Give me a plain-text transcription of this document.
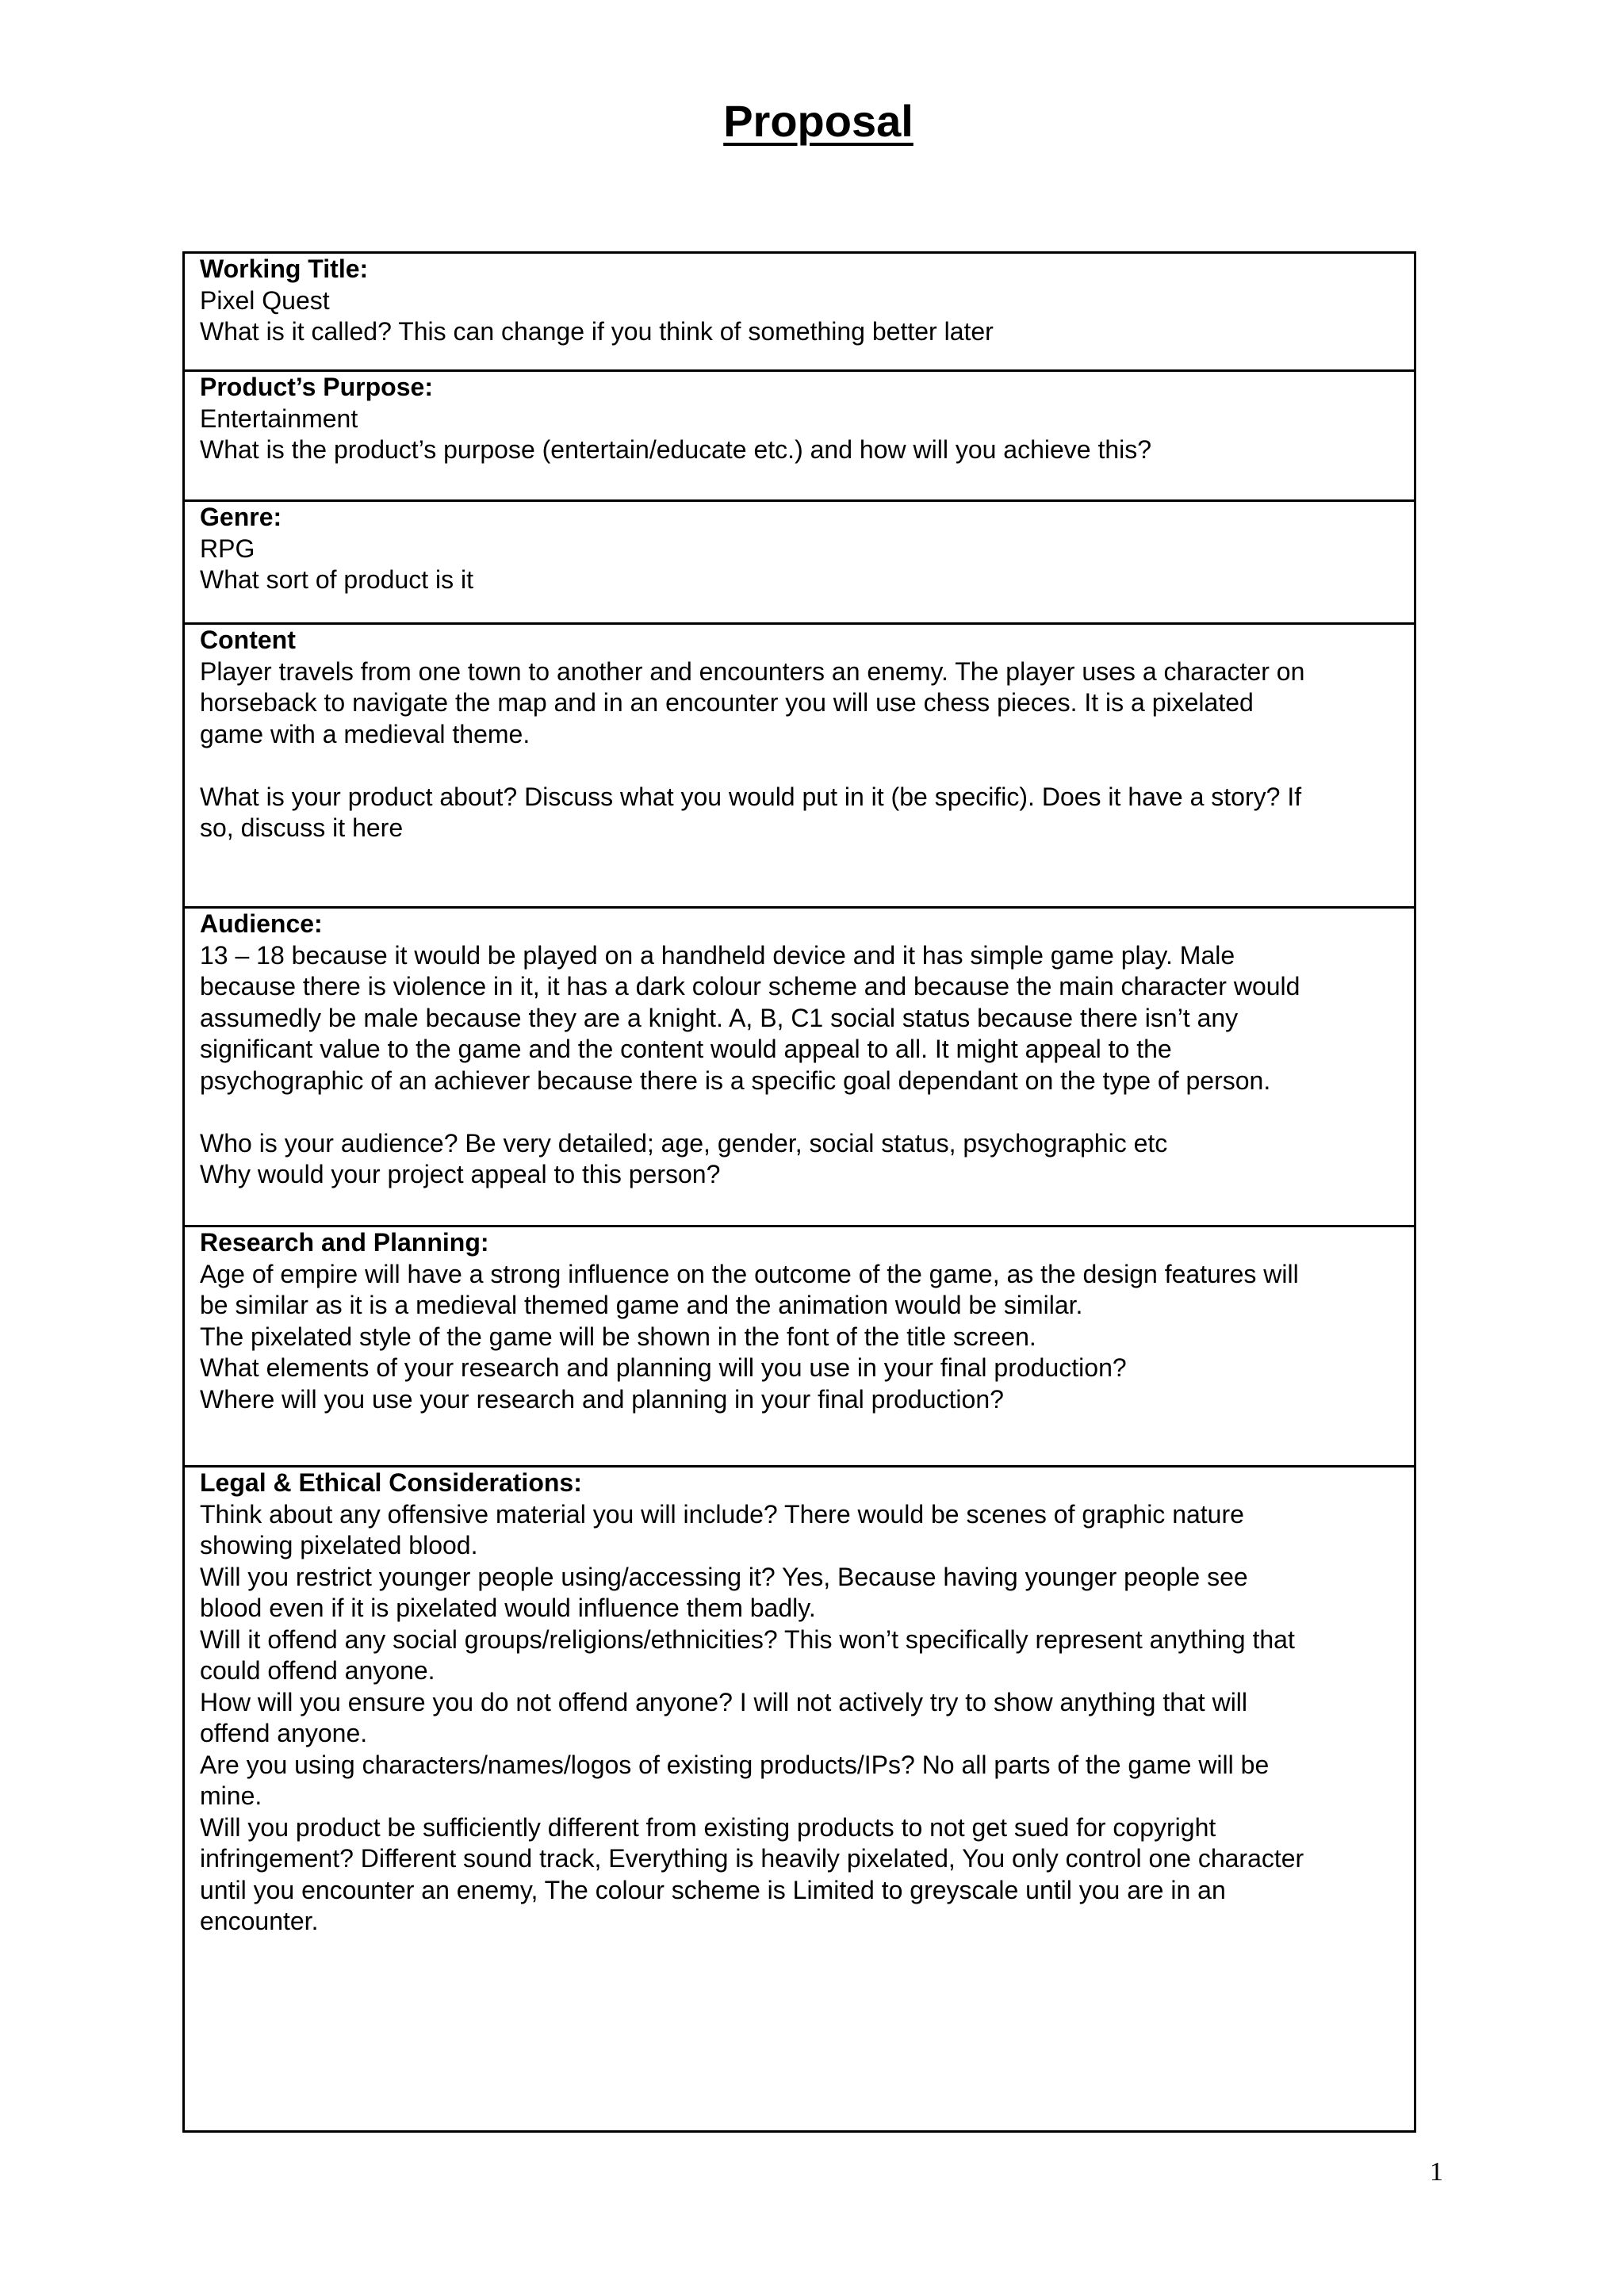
Proposal
Working Title:
Pixel Quest
What is it called? This can change if you think of something better later
Product’s Purpose:
Entertainment
What is the product’s purpose (entertain/educate etc.) and how will you achieve this?
Genre:
RPG
What sort of product is it
Content
Player travels from one town to another and encounters an enemy. The player uses a character on
horseback to navigate the map and in an encounter you will use chess pieces. It is a pixelated
game with a medieval theme.
What is your product about? Discuss what you would put in it (be specific). Does it have a story? If
so, discuss it here
Audience:
13 – 18 because it would be played on a handheld device and it has simple game play. Male
because there is violence in it, it has a dark colour scheme and because the main character would
assumedly be male because they are a knight. A, B, C1 social status because there isn’t any
significant value to the game and the content would appeal to all. It might appeal to the
psychographic of an achiever because there is a specific goal dependant on the type of person.
Who is your audience? Be very detailed; age, gender, social status, psychographic etc
Why would your project appeal to this person?
Research and Planning:
Age of empire will have a strong influence on the outcome of the game, as the design features will
be similar as it is a medieval themed game and the animation would be similar.
The pixelated style of the game will be shown in the font of the title screen.
What elements of your research and planning will you use in your final production?
Where will you use your research and planning in your final production?
Legal & Ethical Considerations:
Think about any offensive material you will include? There would be scenes of graphic nature
showing pixelated blood.
Will you restrict younger people using/accessing it? Yes, Because having younger people see
blood even if it is pixelated would influence them badly.
Will it offend any social groups/religions/ethnicities? This won’t specifically represent anything that
could offend anyone.
How will you ensure you do not offend anyone? I will not actively try to show anything that will
offend anyone.
Are you using characters/names/logos of existing products/IPs? No all parts of the game will be
mine.
Will you product be sufficiently different from existing products to not get sued for copyright
infringement? Different sound track, Everything is heavily pixelated, You only control one character
until you encounter an enemy, The colour scheme is Limited to greyscale until you are in an
encounter.
1
